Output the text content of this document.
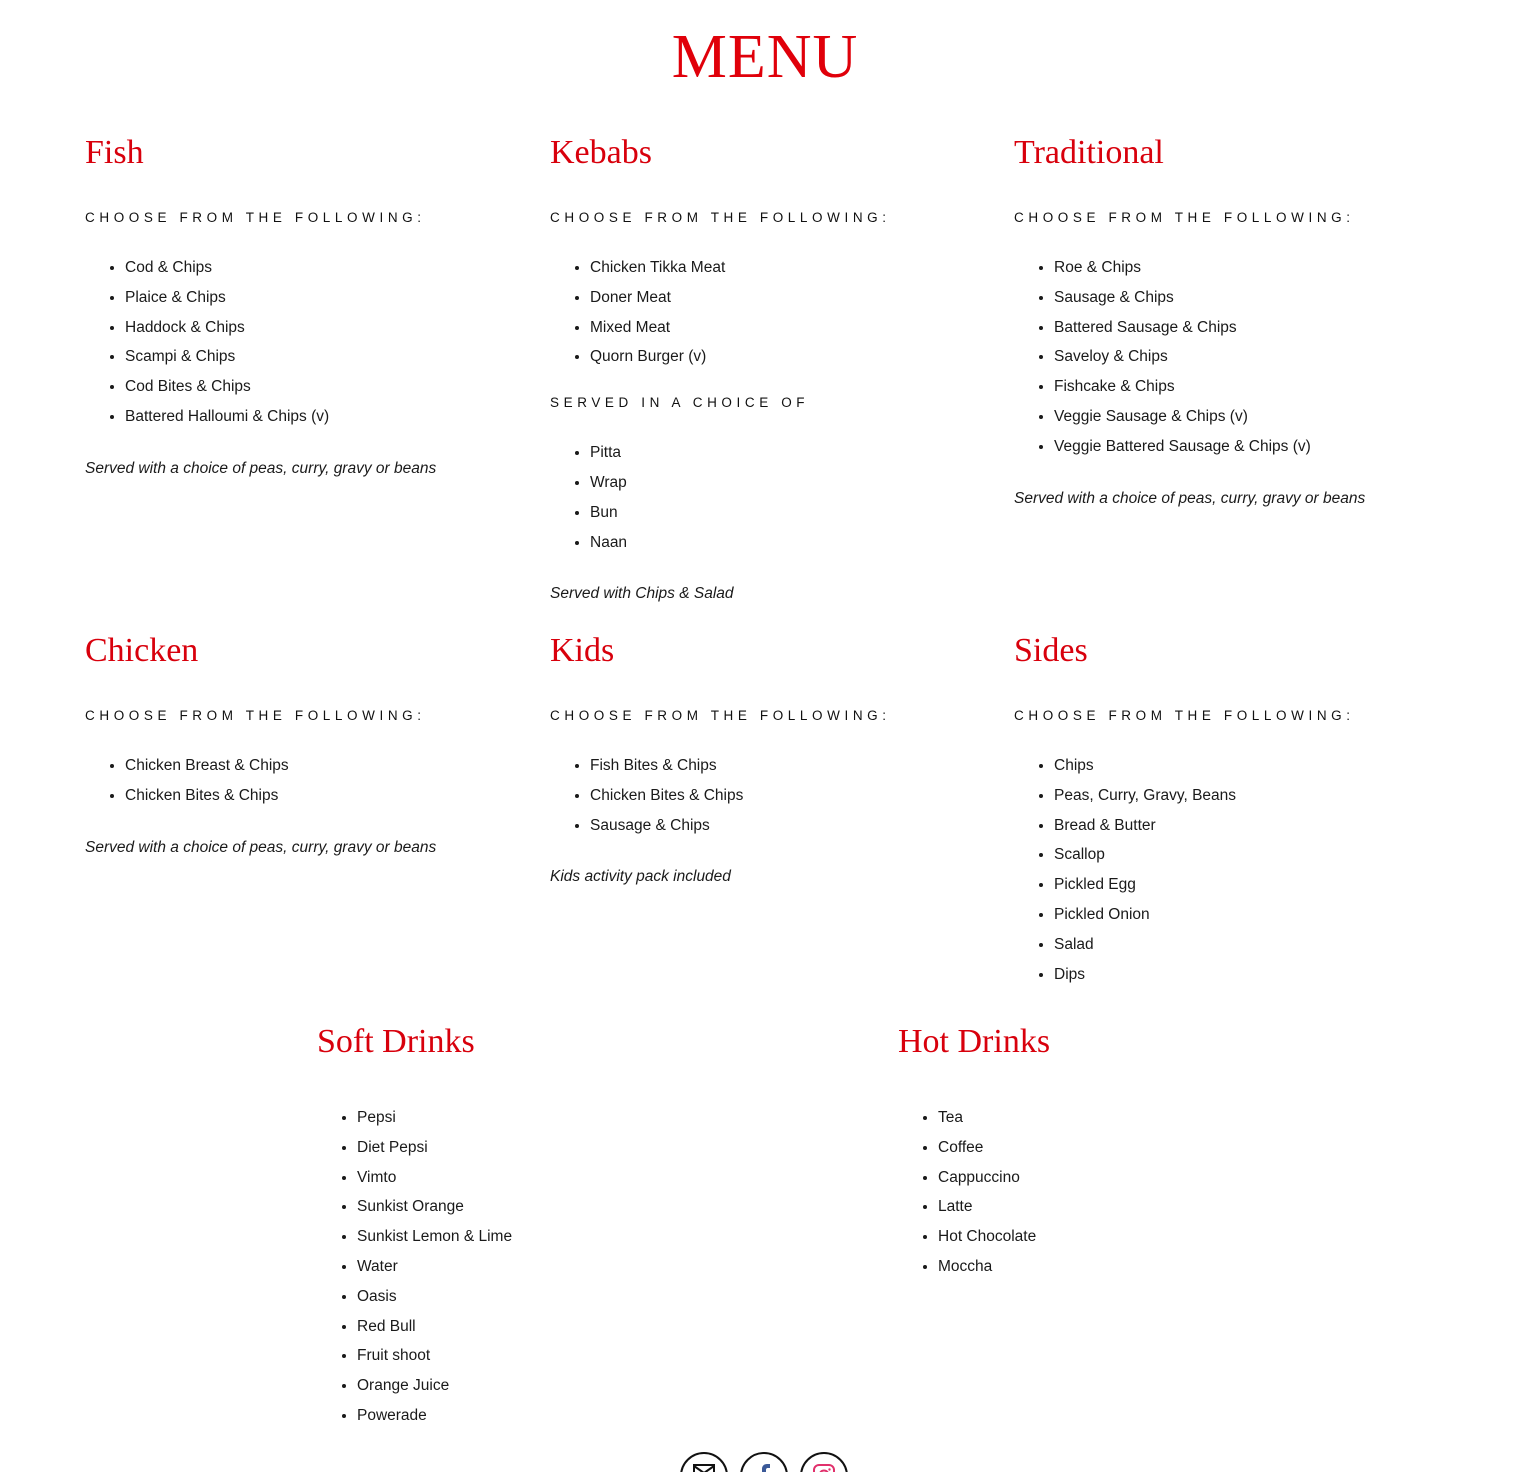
MENU
Fish
CHOOSE FROM THE FOLLOWING:
• Cod & Chips
• Plaice & Chips
• Haddock & Chips
• Scampi & Chips
• Cod Bites & Chips
• Battered Halloumi & Chips (v)

Served with a choice of peas, curry, gravy or beans

Kebabs
CHOOSE FROM THE FOLLOWING:
• Chicken Tikka Meat
• Doner Meat
• Mixed Meat
• Quorn Burger (v)
SERVED IN A CHOICE OF
• Pitta
• Wrap
• Bun
• Naan

Served with Chips & Salad

Traditional
CHOOSE FROM THE FOLLOWING:
• Roe & Chips
• Sausage & Chips
• Battered Sausage & Chips
• Saveloy & Chips
• Fishcake & Chips
• Veggie Sausage & Chips (v)
• Veggie Battered Sausage & Chips (v)

Served with a choice of peas, curry, gravy or beans

Chicken
CHOOSE FROM THE FOLLOWING:
• Chicken Breast & Chips
• Chicken Bites & Chips

Served with a choice of peas, curry, gravy or beans

Kids
CHOOSE FROM THE FOLLOWING:
• Fish Bites & Chips
• Chicken Bites & Chips
• Sausage & Chips

Kids activity pack included

Sides
CHOOSE FROM THE FOLLOWING:
• Chips
• Peas, Curry, Gravy, Beans
• Bread & Butter
• Scallop
• Pickled Egg
• Pickled Onion
• Salad
• Dips
Soft Drinks
• Pepsi
• Diet Pepsi
• Vimto
• Sunkist Orange
• Sunkist Lemon & Lime
• Water
• Oasis
• Red Bull
• Fruit shoot
• Orange Juice
• Powerade
Hot Drinks
• Tea
• Coffee
• Cappuccino
• Latte
• Hot Chocolate
• Moccha
